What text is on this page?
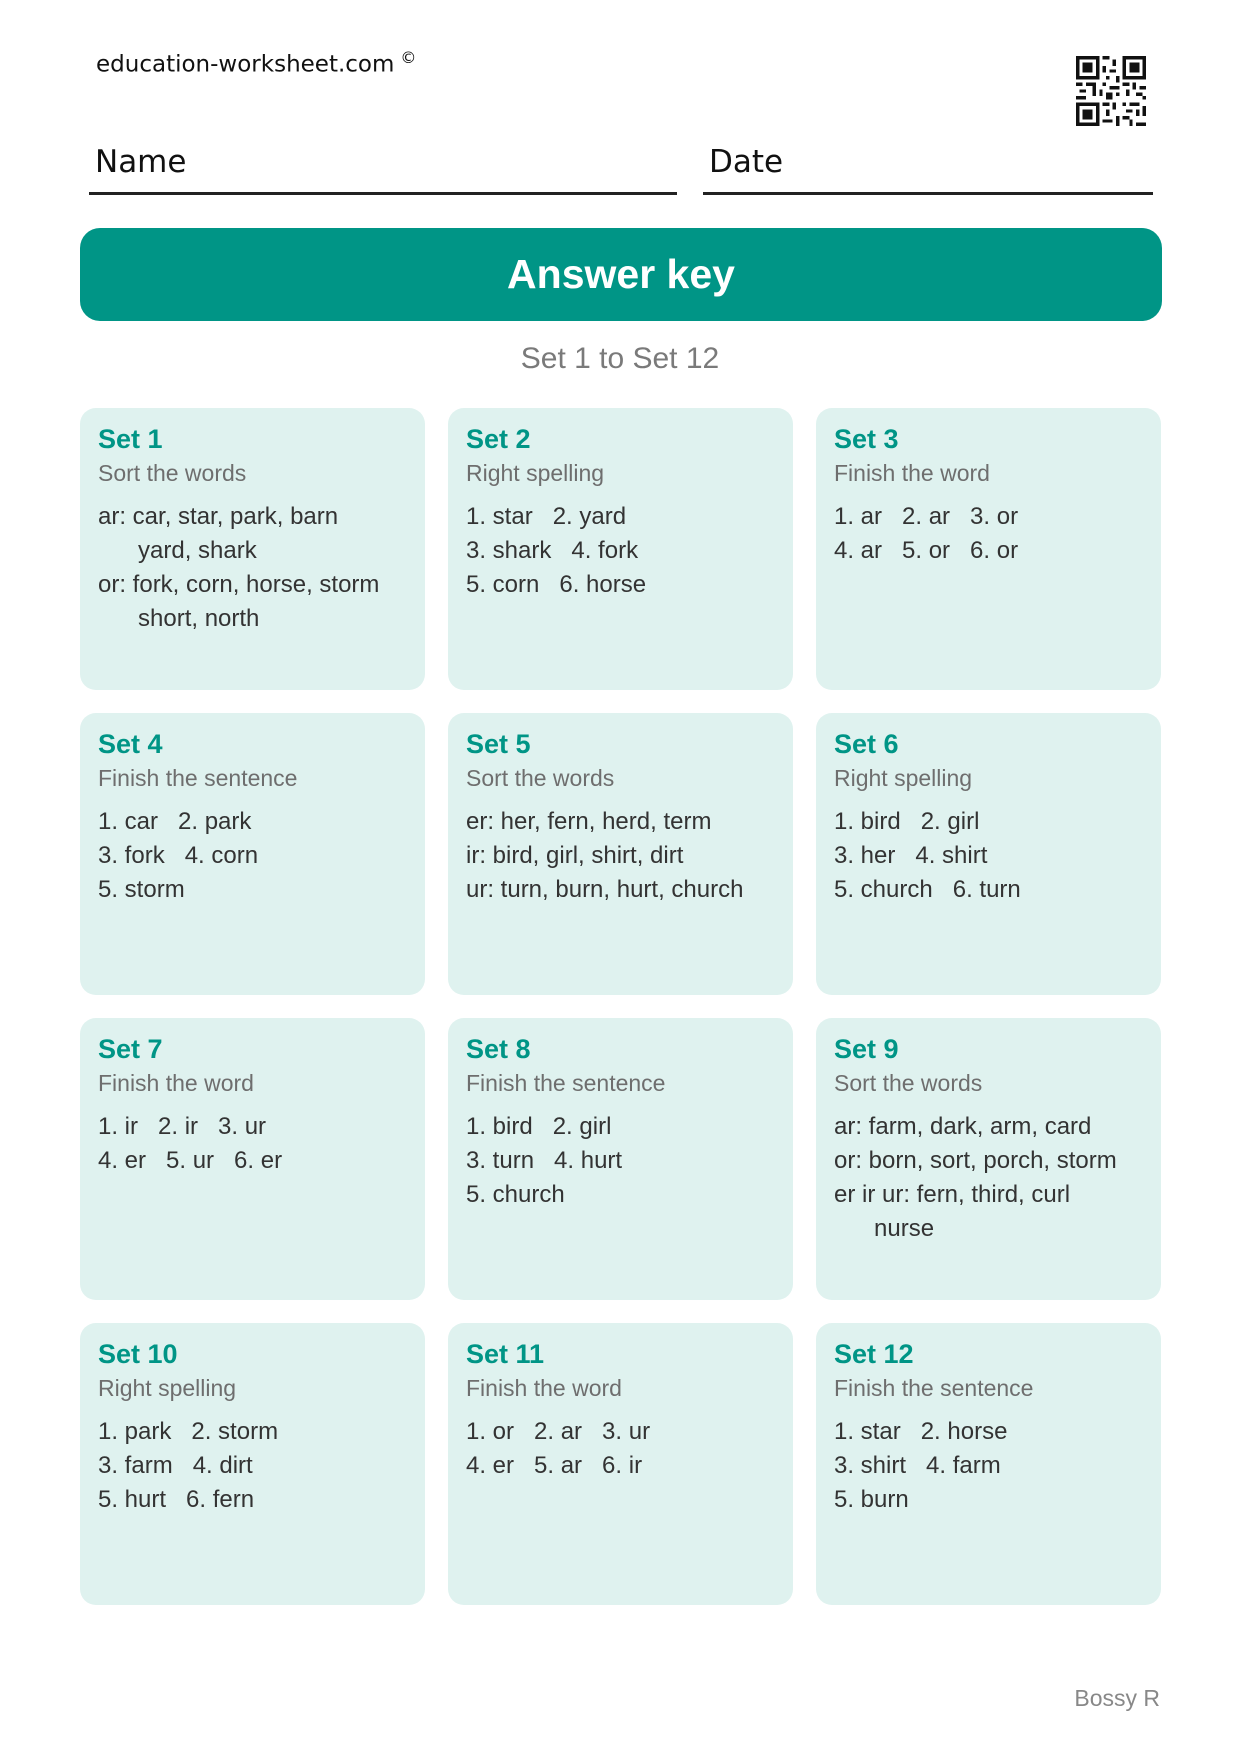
education-worksheet.com ©
Name	Date
Answer key
Set 1 to Set 12
Set 1
Sort the words
ar: car, star, park, barn
yard, shark
or: fork, corn, horse, storm
short, north
Set 2
Right spelling
1. star   2. yard
3. shark   4. fork
5. corn   6. horse
Set 3
Finish the word
1. ar   2. ar   3. or
4. ar   5. or   6. or
Set 4
Finish the sentence
1. car   2. park
3. fork   4. corn
5. storm
Set 5
Sort the words
er: her, fern, herd, term
ir: bird, girl, shirt, dirt
ur: turn, burn, hurt, church
Set 6
Right spelling
1. bird   2. girl
3. her   4. shirt
5. church   6. turn
Set 7
Finish the word
1. ir   2. ir   3. ur
4. er   5. ur   6. er
Set 8
Finish the sentence
1. bird   2. girl
3. turn   4. hurt
5. church
Set 9
Sort the words
ar: farm, dark, arm, card
or: born, sort, porch, storm
er ir ur: fern, third, curl
nurse
Set 10
Right spelling
1. park   2. storm
3. farm   4. dirt
5. hurt   6. fern
Set 11
Finish the word
1. or   2. ar   3. ur
4. er   5. ar   6. ir
Set 12
Finish the sentence
1. star   2. horse
3. shirt   4. farm
5. burn
Bossy R
